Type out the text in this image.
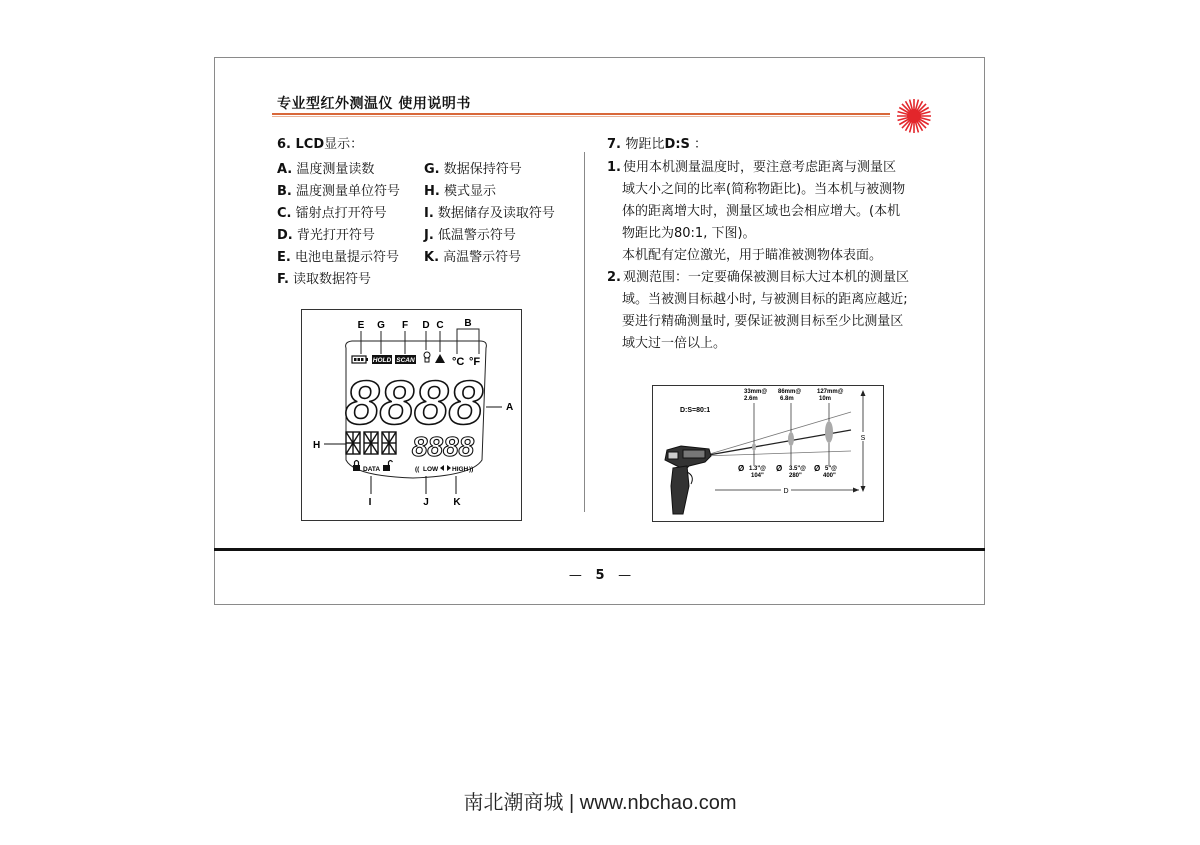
专业型红外测温仪 使用说明书
6. LCD显示：
A. 温度测量读数
B. 温度测量单位符号
C. 镭射点打开符号
D. 背光打开符号
E. 电池电量提示符号
F. 读取数据符号
G. 数据保持符号
H. 模式显示
I. 数据储存及读取符号
J. 低温警示符号
K. 高温警示符号
E G F D C B
HOLD SCAN	°C °F
8888 A
8888
H
DATA	(( LOW HIGH ))
I	J K
7. 物距比D:S ：
1. 使用本机测量温度时，要注意考虑距离与测量区
域大小之间的比率(简称物距比)。当本机与被测物
体的距离增大时，测量区域也会相应增大。(本机
物距比为80:1, 下图)。
本机配有定位激光，用于瞄准被测物体表面。
2. 观测范围：一定要确保被测目标大过本机的测量区
域。当被测目标越小时, 与被测目标的距离应越近;
要进行精确测量时, 要保证被测目标至少比测量区
域大过一倍以上。
D:S=80:1
33mm@
2.6m
86mm@
6.8m
127mm@
10m
Ø 1.3"@
104"
Ø 3.5"@
280"
Ø 5"@
400"
D
S
— 5 —
南北潮商城 | www.nbchao.com
